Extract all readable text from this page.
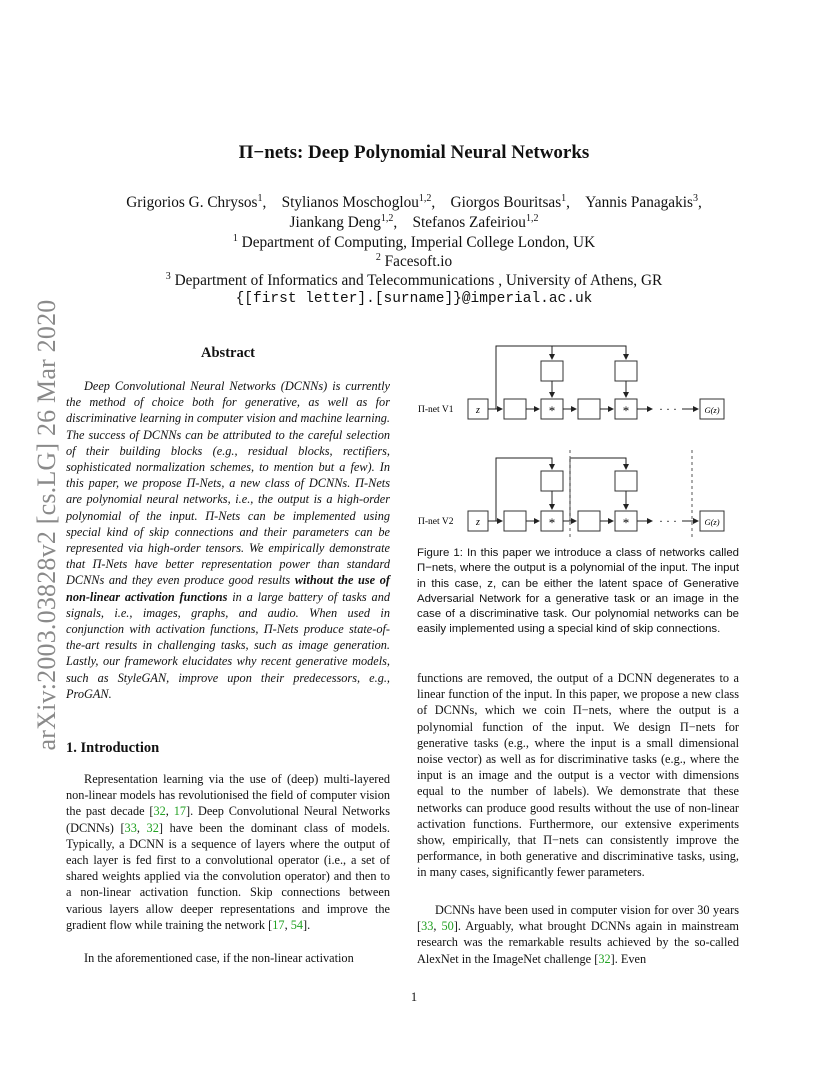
arXiv:2003.03828v2 [cs.LG] 26 Mar 2020
Π−nets: Deep Polynomial Neural Networks
Grigorios G. Chrysos$^1$,    Stylianos Moschoglou$^{1,2}$,    Giorgos Bouritsas$^1$,    Yannis Panagakis$^3$,
Jiankang Deng$^{1,2}$,    Stefanos Zafeiriou$^{1,2}$
$^1$ Department of Computing, Imperial College London, UK
$^2$ Facesoft.io
$^3$ Department of Informatics and Telecommunications , University of Athens, GR
{[first letter].[surname]}@imperial.ac.uk
Abstract
Deep Convolutional Neural Networks (DCNNs) is currently the method of choice both for generative, as well as for discriminative learning in computer vision and machine learning. The success of DCNNs can be attributed to the careful selection of their building blocks (e.g., residual blocks, rectifiers, sophisticated normalization schemes, to mention but a few). In this paper, we propose Π-Nets, a new class of DCNNs. Π-Nets are polynomial neural networks, i.e., the output is a high-order polynomial of the input. Π-Nets can be implemented using special kind of skip connections and their parameters can be represented via high-order tensors. We empirically demonstrate that Π-Nets have better representation power than standard DCNNs and they even produce good results without the use of non-linear activation functions in a large battery of tasks and signals, i.e., images, graphs, and audio. When used in conjunction with activation functions, Π-Nets produce state-of-the-art results in challenging tasks, such as image generation. Lastly, our framework elucidates why recent generative models, such as StyleGAN, improve upon their predecessors, e.g., ProGAN.
1. Introduction
Representation learning via the use of (deep) multi-layered non-linear models has revolutionised the field of computer vision the past decade [32, 17]. Deep Convolutional Neural Networks (DCNNs) [33, 32] have been the dominant class of models. Typically, a DCNN is a sequence of layers where the output of each layer is fed first to a convolutional operator (i.e., a set of shared weights applied via the convolution operator) and then to a non-linear activation function. Skip connections between various layers allow deeper representations and improve the gradient flow while training the network [17, 54].
In the aforementioned case, if the non-linear activation
functions are removed, the output of a DCNN degenerates to a linear function of the input. In this paper, we propose a new class of DCNNs, which we coin Π−nets, where the output is a polynomial function of the input. We design Π−nets for generative tasks (e.g., where the input is a small dimensional noise vector) as well as for discriminative tasks (e.g., where the input is an image and the output is a vector with dimensions equal to the number of labels). We demonstrate that these networks can produce good results without the use of non-linear activation functions. Furthermore, our extensive experiments show, empirically, that Π−nets can consistently improve the performance, in both generative and discriminative tasks, using, in many cases, significantly fewer parameters.
DCNNs have been used in computer vision for over 30 years [33, 50]. Arguably, what brought DCNNs again in mainstream research was the remarkable results achieved by the so-called AlexNet in the ImageNet challenge [32]. Even
Π-net V1 z	*	* · · ·	G(z)
Π-net V2 z	*	* · · ·	G(z)
Figure 1: In this paper we introduce a class of networks called Π−nets, where the output is a polynomial of the input. The input in this case, z, can be either the latent space of Generative Adversarial Network for a generative task or an image in the case of a discriminative task. Our polynomial networks can be easily implemented using a special kind of skip connections.
1
